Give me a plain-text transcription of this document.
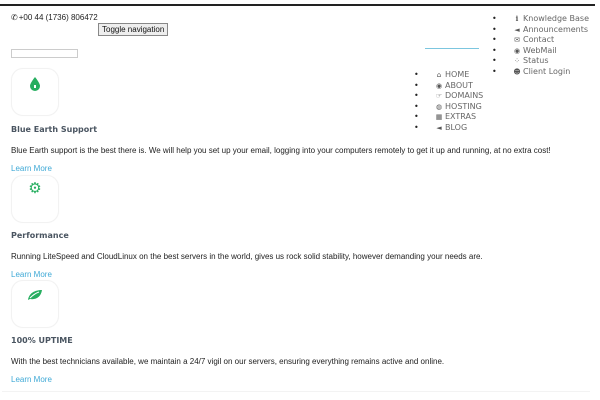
✆+00 44 (1736) 806472
Toggle navigation
•	i Knowledge Base
•	◄ Announcements
• ✉ Contact
• ◉ WebMail
• ⁘ Status
• ☻ Client Login
•	⌂ HOME
• ◉ ABOUT
• ☞ DOMAINS
• ◍ HOSTING
• ▦ EXTRAS
•	◄ BLOG
Blue Earth Support

Blue Earth support is the best there is. We will help you set up your email, logging into your computers remotely to get it up and running, at no extra cost!

Learn More
⚙
Performance

Running LiteSpeed and CloudLinux on the best servers in the world, gives us rock solid stability, however demanding your needs are.

Learn More
100% UPTIME

With the best technicians available, we maintain a 24/7 vigil on our servers, ensuring everything remains active and online.

Learn More
